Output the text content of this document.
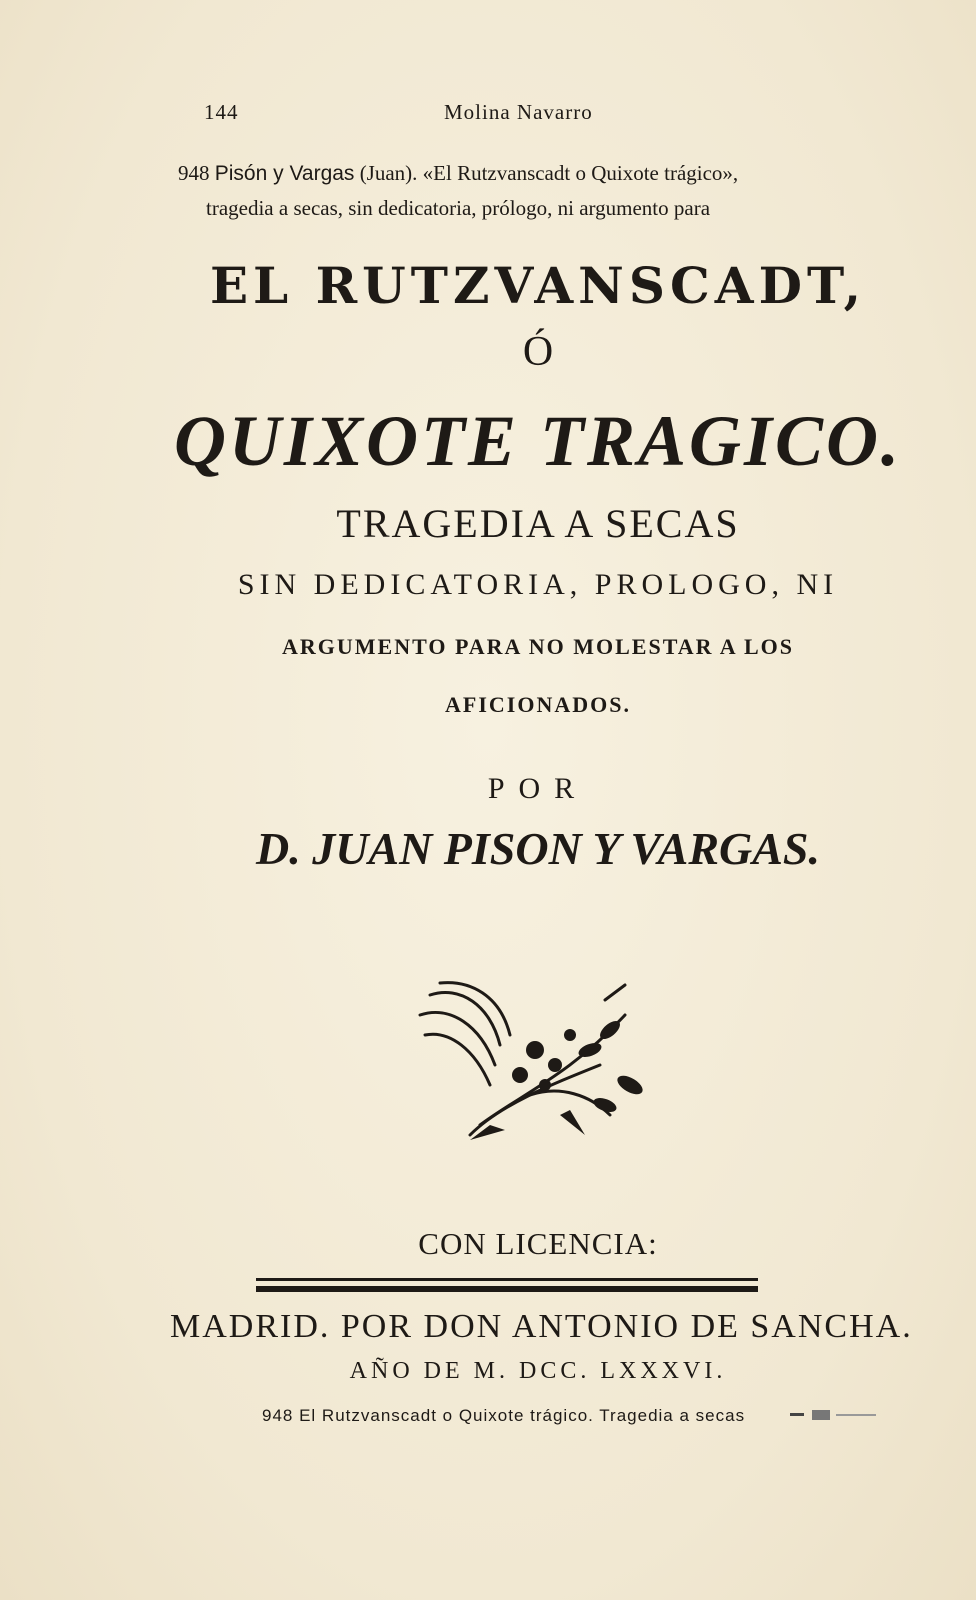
144	Molina Navarro
948 Pisón y Vargas (Juan). «El Rutzvanscadt o Quixote trágico»,
tragedia a secas, sin dedicatoria, prólogo, ni argumento para
EL RUTZVANSCADT,
Ó
QUIXOTE TRAGICO.
TRAGEDIA A SECAS
SIN DEDICATORIA, PROLOGO, NI
ARGUMENTO PARA NO MOLESTAR A LOS
AFICIONADOS.
POR
D. JUAN PISON Y VARGAS.
CON LICENCIA:
MADRID. POR DON ANTONIO DE SANCHA.
AÑO DE M. DCC. LXXXVI.
948 El Rutzvanscadt o Quixote trágico. Tragedia a secas
